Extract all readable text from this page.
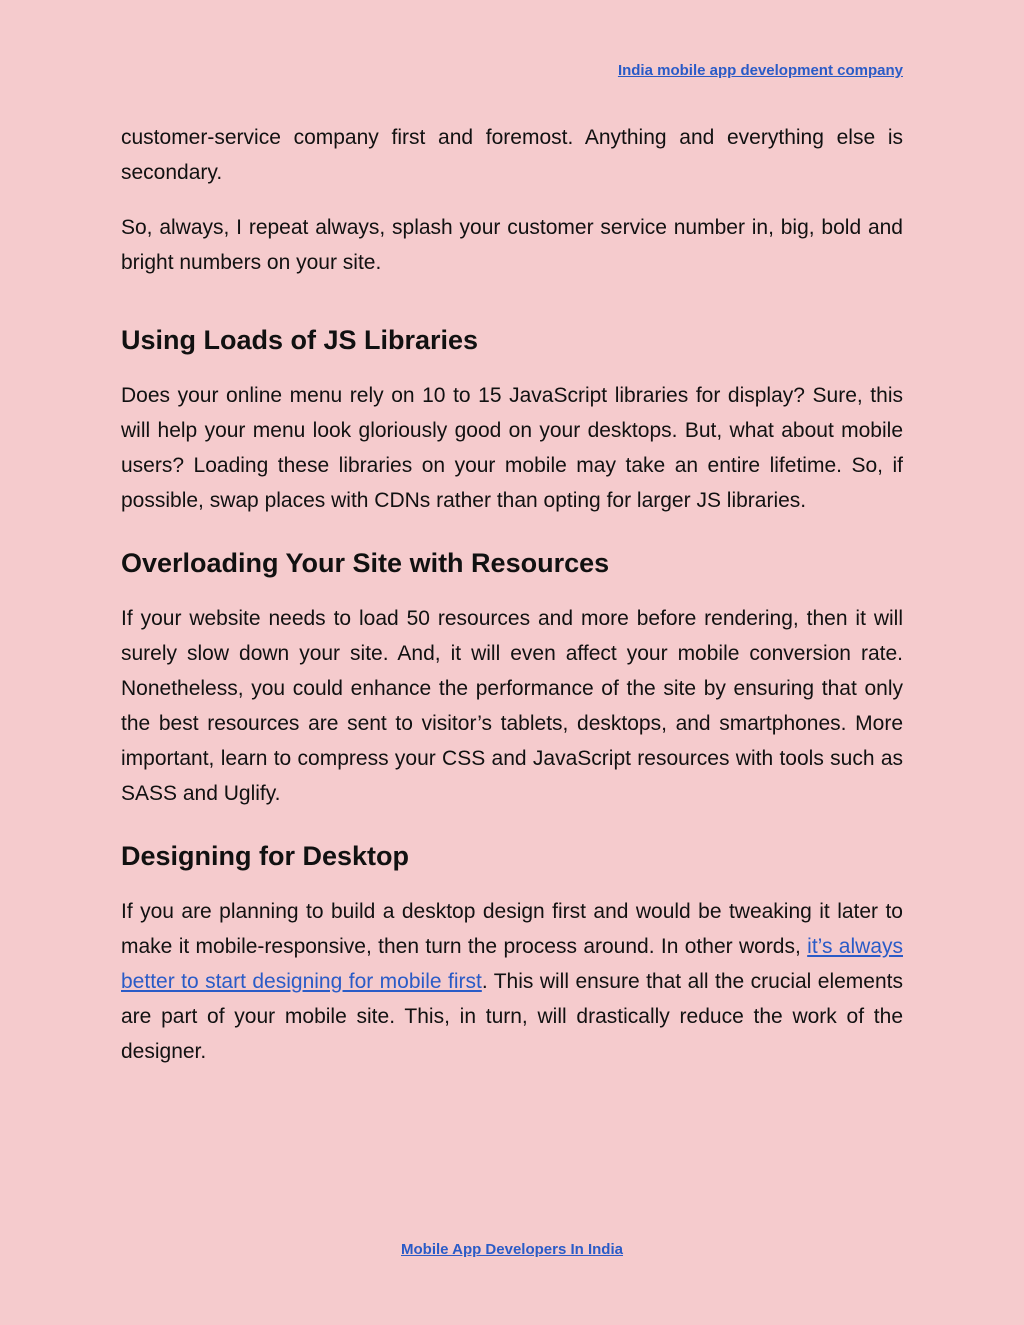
India mobile app development company

customer-service company first and foremost. Anything and everything else is secondary.

So, always, I repeat always, splash your customer service number in, big, bold and bright numbers on your site.

Using Loads of JS Libraries

Does your online menu rely on 10 to 15 JavaScript libraries for display? Sure, this will help your menu look gloriously good on your desktops. But, what about mobile users? Loading these libraries on your mobile may take an entire lifetime. So, if possible, swap places with CDNs rather than opting for larger JS libraries.

Overloading Your Site with Resources

If your website needs to load 50 resources and more before rendering, then it will surely slow down your site. And, it will even affect your mobile conversion rate. Nonetheless, you could enhance the performance of the site by ensuring that only the best resources are sent to visitor’s tablets, desktops, and smartphones. More important, learn to compress your CSS and JavaScript resources with tools such as SASS and Uglify.

Designing for Desktop

If you are planning to build a desktop design first and would be tweaking it later to make it mobile-responsive, then turn the process around. In other words, it’s always better to start designing for mobile first. This will ensure that all the crucial elements are part of your mobile site. This, in turn, will drastically reduce the work of the designer.

Mobile App Developers In India
